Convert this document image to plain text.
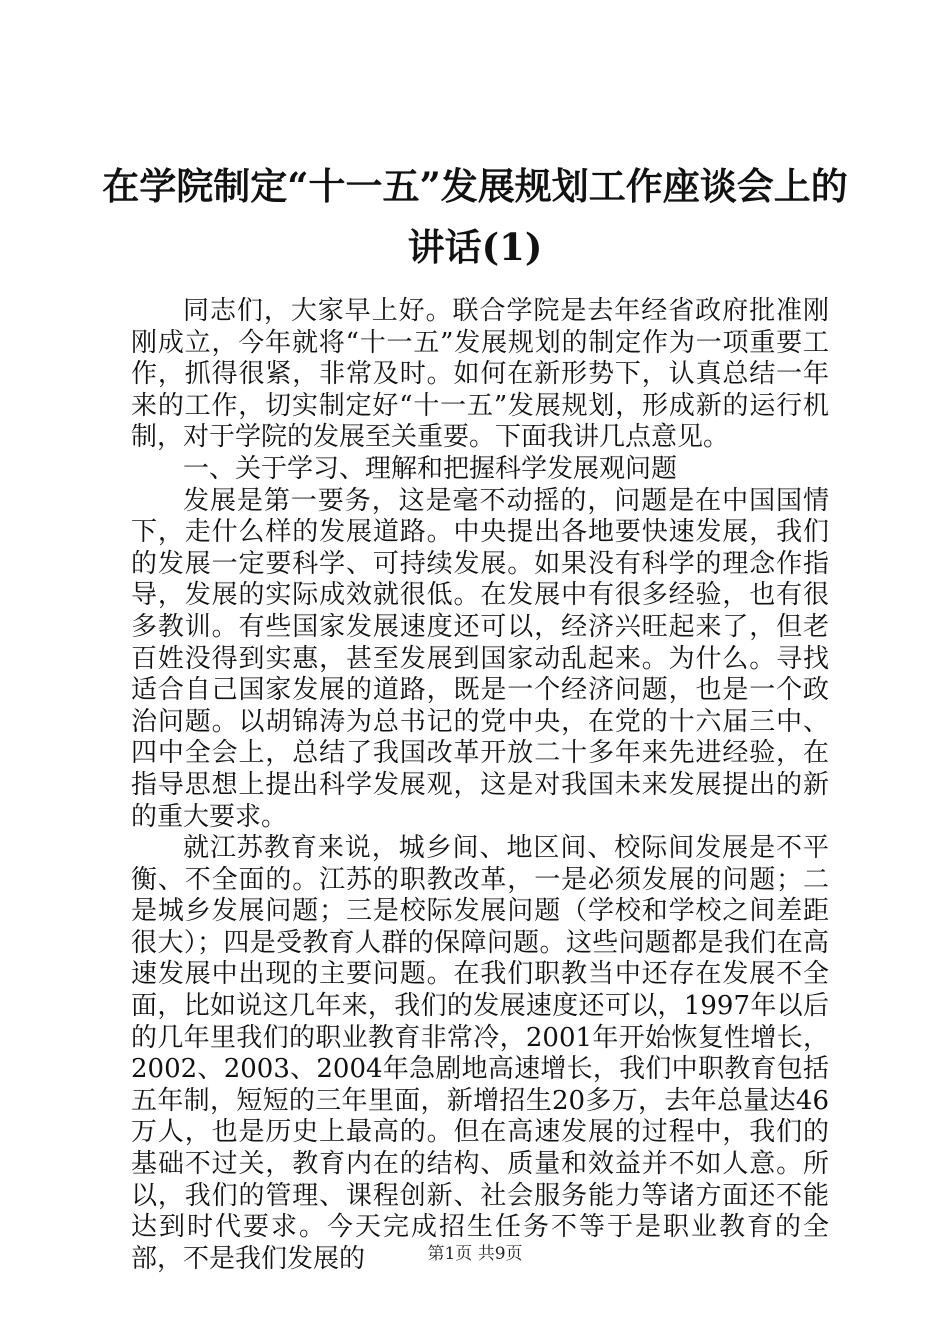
在学院制定“十一五”发展规划工作座谈会上的讲话(1)

同志们，大家早上好。联合学院是去年经省政府批准刚刚成立，今年就将“十一五”发展规划的制定作为一项重要工作，抓得很紧，非常及时。如何在新形势下，认真总结一年来的工作，切实制定好“十一五”发展规划，形成新的运行机制，对于学院的发展至关重要。下面我讲几点意见。

一、关于学习、理解和把握科学发展观问题

发展是第一要务，这是毫不动摇的，问题是在中国国情下，走什么样的发展道路。中央提出各地要快速发展，我们的发展一定要科学、可持续发展。如果没有科学的理念作指导，发展的实际成效就很低。在发展中有很多经验，也有很多教训。有些国家发展速度还可以，经济兴旺起来了，但老百姓没得到实惠，甚至发展到国家动乱起来。为什么。寻找适合自己国家发展的道路，既是一个经济问题，也是一个政治问题。以胡锦涛为总书记的党中央，在党的十六届三中、四中全会上，总结了我国改革开放二十多年来先进经验，在指导思想上提出科学发展观，这是对我国未来发展提出的新的重大要求。

就江苏教育来说，城乡间、地区间、校际间发展是不平衡、不全面的。江苏的职教改革，一是必须发展的问题；二是城乡发展问题；三是校际发展问题（学校和学校之间差距很大）；四是受教育人群的保障问题。这些问题都是我们在高速发展中出现的主要问题。在我们职教当中还存在发展不全面，比如说这几年来，我们的发展速度还可以，1997年以后的几年里我们的职业教育非常冷，2001年开始恢复性增长，2002、2003、2004年急剧地高速增长，我们中职教育包括五年制，短短的三年里面，新增招生20多万，去年总量达46万人，也是历史上最高的。但在高速发展的过程中，我们的基础不过关，教育内在的结构、质量和效益并不如人意。所以，我们的管理、课程创新、社会服务能力等诸方面还不能达到时代要求。今天完成招生任务不等于是职业教育的全部，不是我们发展的	第1页 共9页
